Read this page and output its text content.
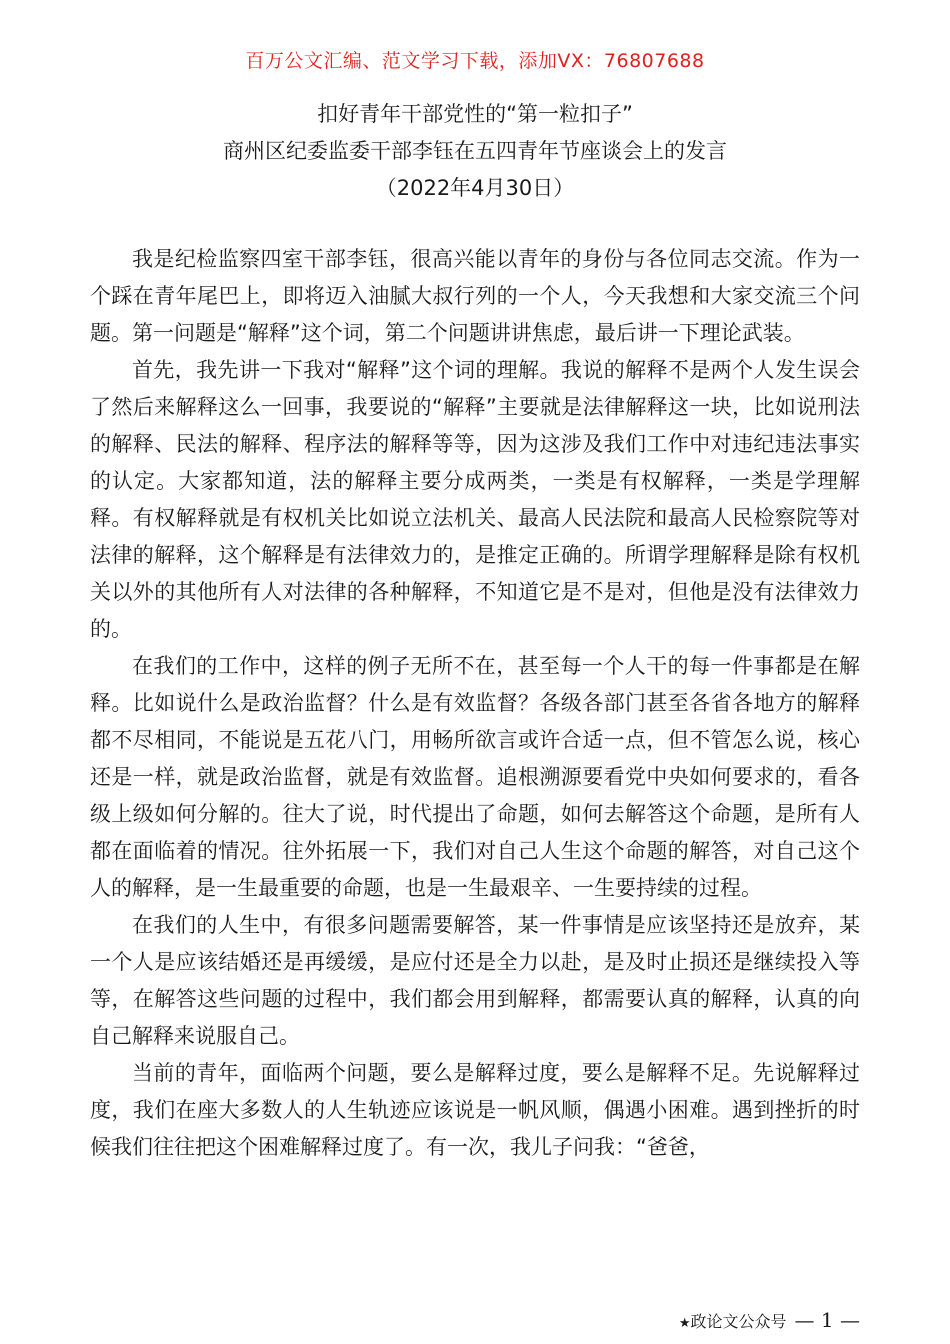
百万公文汇编、范文学习下载，添加VX：76807688
扣好青年干部党性的“第一粒扣子”
商州区纪委监委干部李钰在五四青年节座谈会上的发言
（2022年4月30日）

我是纪检监察四室干部李钰，很高兴能以青年的身份与各位同志交流。作为一个踩在青年尾巴上，即将迈入油腻大叔行列的一个人，今天我想和大家交流三个问题。第一问题是“解释”这个词，第二个问题讲讲焦虑，最后讲一下理论武装。

首先，我先讲一下我对“解释”这个词的理解。我说的解释不是两个人发生误会了然后来解释这么一回事，我要说的“解释”主要就是法律解释这一块，比如说刑法的解释、民法的解释、程序法的解释等等，因为这涉及我们工作中对违纪违法事实的认定。大家都知道，法的解释主要分成两类，一类是有权解释，一类是学理解释。有权解释就是有权机关比如说立法机关、最高人民法院和最高人民检察院等对法律的解释，这个解释是有法律效力的，是推定正确的。所谓学理解释是除有权机关以外的其他所有人对法律的各种解释，不知道它是不是对，但他是没有法律效力的。

在我们的工作中，这样的例子无所不在，甚至每一个人干的每一件事都是在解释。比如说什么是政治监督？什么是有效监督？各级各部门甚至各省各地方的解释都不尽相同，不能说是五花八门，用畅所欲言或许合适一点，但不管怎么说，核心还是一样，就是政治监督，就是有效监督。追根溯源要看党中央如何要求的，看各级上级如何分解的。往大了说，时代提出了命题，如何去解答这个命题，是所有人都在面临着的情况。往外拓展一下，我们对自己人生这个命题的解答，对自己这个人的解释，是一生最重要的命题，也是一生最艰辛、一生要持续的过程。

在我们的人生中，有很多问题需要解答，某一件事情是应该坚持还是放弃，某一个人是应该结婚还是再缓缓，是应付还是全力以赴，是及时止损还是继续投入等等，在解答这些问题的过程中，我们都会用到解释，都需要认真的解释，认真的向自己解释来说服自己。

当前的青年，面临两个问题，要么是解释过度，要么是解释不足。先说解释过度，我们在座大多数人的人生轨迹应该说是一帆风顺，偶遇小困难。遇到挫折的时候我们往往把这个困难解释过度了。有一次，我儿子问我：“爸爸，

★政论文公众号 — 1 —
